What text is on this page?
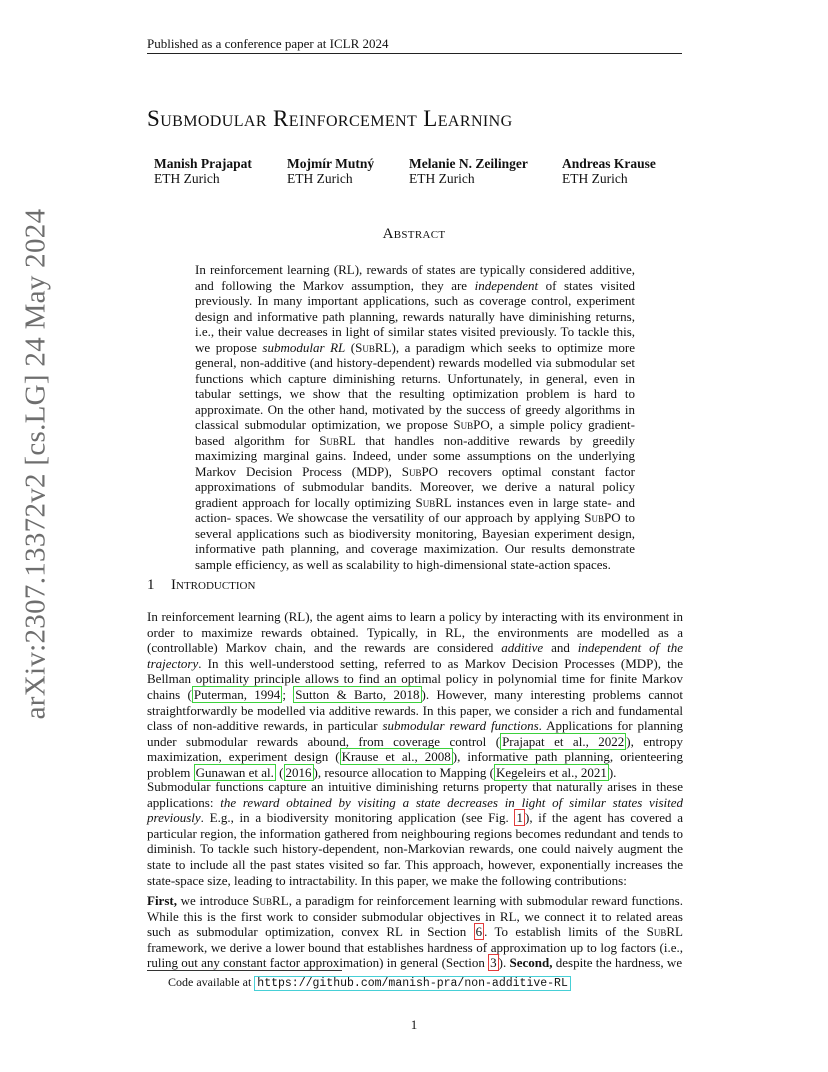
Published as a conference paper at ICLR 2024
arXiv:2307.13372v2 [cs.LG] 24 May 2024
Submodular Reinforcement Learning
Manish Prajapat
ETH Zurich
Mojmír Mutný
ETH Zurich
Melanie N. Zeilinger
ETH Zurich
Andreas Krause
ETH Zurich
Abstract

In reinforcement learning (RL), rewards of states are typically considered additive, and following the Markov assumption, they are independent of states visited previously. In many important applications, such as coverage control, experiment design and informative path planning, rewards naturally have diminishing returns, i.e., their value decreases in light of similar states visited previously. To tackle this, we propose submodular RL (SubRL), a paradigm which seeks to optimize more general, non-additive (and history-dependent) rewards modelled via submodular set functions which capture diminishing returns. Unfortunately, in general, even in tabular settings, we show that the resulting optimization problem is hard to approximate. On the other hand, motivated by the success of greedy algorithms in classical submodular optimization, we propose SubPO, a simple policy gradient-based algorithm for SubRL that handles non-additive rewards by greedily maximizing marginal gains. Indeed, under some assumptions on the underlying Markov Decision Process (MDP), SubPO recovers optimal constant factor approximations of submodular bandits. Moreover, we derive a natural policy gradient approach for locally optimizing SubRL instances even in large state- and action- spaces. We showcase the versatility of our approach by applying SubPO to several applications such as biodiversity monitoring, Bayesian experiment design, informative path planning, and coverage maximization. Our results demonstrate sample efficiency, as well as scalability to high-dimensional state-action spaces.

1 Introduction

In reinforcement learning (RL), the agent aims to learn a policy by interacting with its environment in order to maximize rewards obtained. Typically, in RL, the environments are modelled as a (controllable) Markov chain, and the rewards are considered additive and independent of the trajectory. In this well-understood setting, referred to as Markov Decision Processes (MDP), the Bellman optimality principle allows to find an optimal policy in polynomial time for finite Markov chains ( Puterman, 1994 ; Sutton & Barto, 2018 ). However, many interesting problems cannot straightforwardly be modelled via additive rewards. In this paper, we consider a rich and fundamental class of non-additive rewards, in particular submodular reward functions. Applications for planning under submodular rewards abound, from coverage control ( Prajapat et al., 2022 ), entropy maximization, experiment design ( Krause et al., 2008 ), informative path planning, orienteering problem Gunawan et al. ( 2016 ), resource allocation to Mapping ( Kegeleirs et al., 2021 ).

Submodular functions capture an intuitive diminishing returns property that naturally arises in these applications: the reward obtained by visiting a state decreases in light of similar states visited previously. E.g., in a biodiversity monitoring application (see Fig. 1 ), if the agent has covered a particular region, the information gathered from neighbouring regions becomes redundant and tends to diminish. To tackle such history-dependent, non-Markovian rewards, one could naively augment the state to include all the past states visited so far. This approach, however, exponentially increases the state-space size, leading to intractability. In this paper, we make the following contributions:

First, we introduce SubRL, a paradigm for reinforcement learning with submodular reward functions. While this is the first work to consider submodular objectives in RL, we connect it to related areas such as submodular optimization, convex RL in Section 6 . To establish limits of the SubRL framework, we derive a lower bound that establishes hardness of approximation up to log factors (i.e., ruling out any constant factor approximation) in general (Section 3 ). Second, despite the hardness, we

Code available at https://github.com/manish-pra/non-additive-RL
1
